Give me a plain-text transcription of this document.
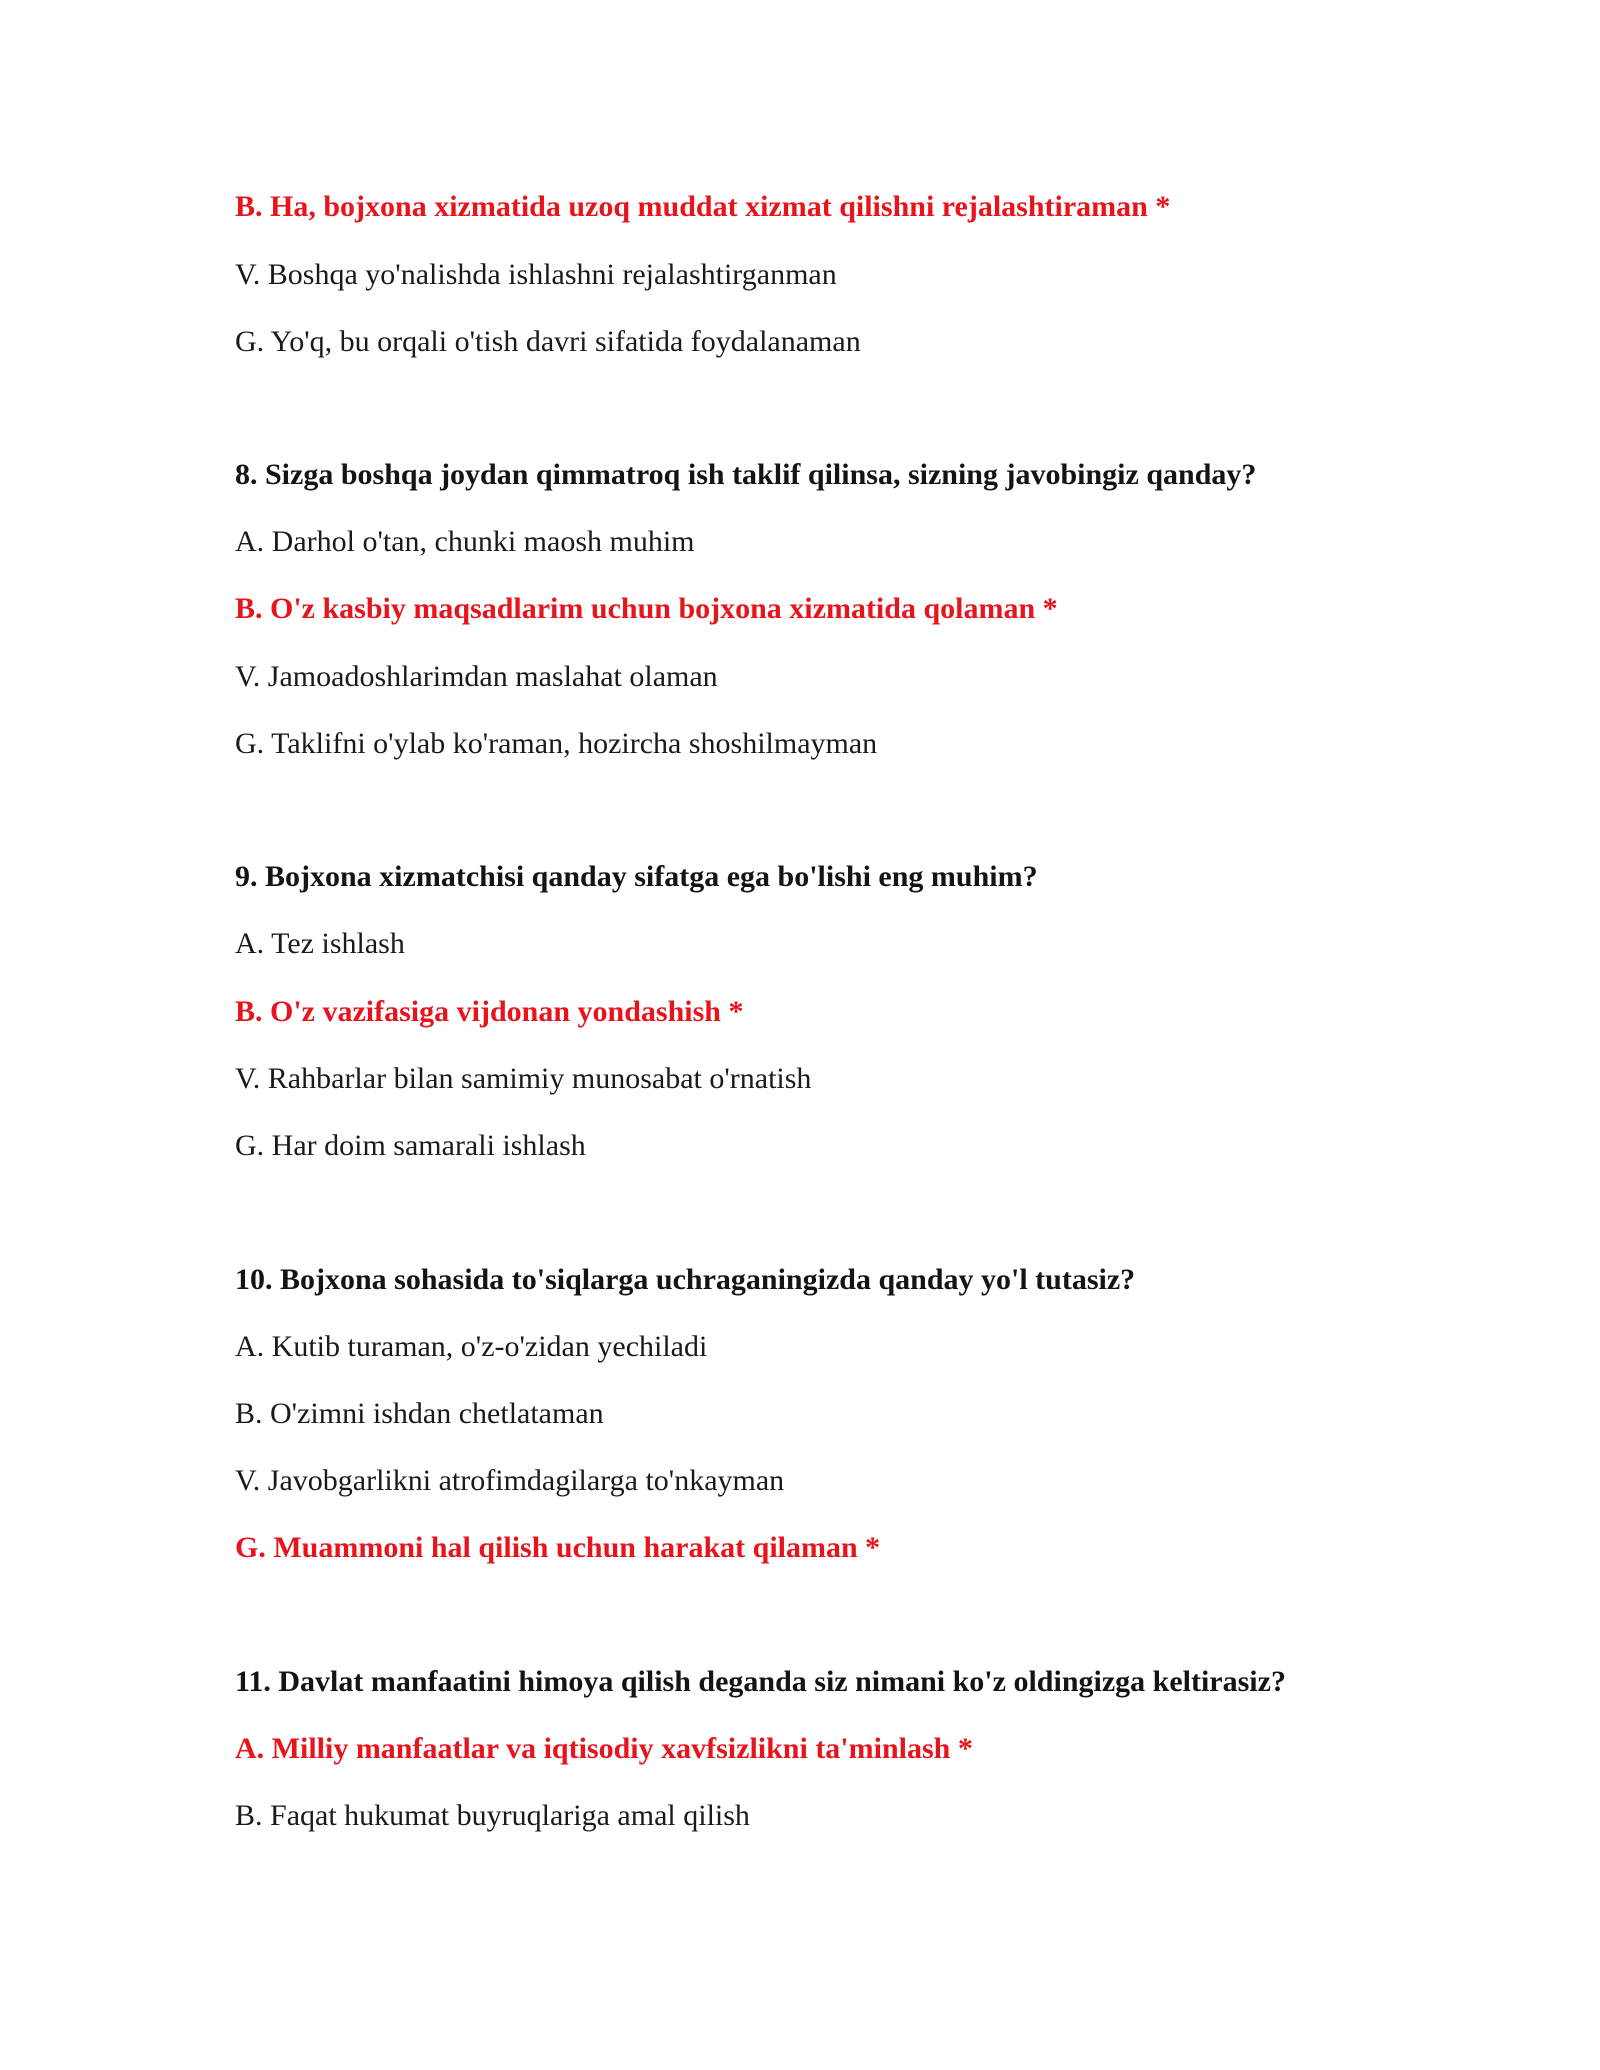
B. Ha, bojxona xizmatida uzoq muddat xizmat qilishni rejalashtiraman *
V. Boshqa yo'nalishda ishlashni rejalashtirganman
G. Yo'q, bu orqali o'tish davri sifatida foydalanaman
8. Sizga boshqa joydan qimmatroq ish taklif qilinsa, sizning javobingiz qanday?
A. Darhol o'tan, chunki maosh muhim
B. O'z kasbiy maqsadlarim uchun bojxona xizmatida qolaman *
V. Jamoadoshlarimdan maslahat olaman
G. Taklifni o'ylab ko'raman, hozircha shoshilmayman
9. Bojxona xizmatchisi qanday sifatga ega bo'lishi eng muhim?
A. Tez ishlash
B. O'z vazifasiga vijdonan yondashish *
V. Rahbarlar bilan samimiy munosabat o'rnatish
G. Har doim samarali ishlash
10. Bojxona sohasida to'siqlarga uchraganingizda qanday yo'l tutasiz?
A. Kutib turaman, o'z-o'zidan yechiladi
B. O'zimni ishdan chetlataman
V. Javobgarlikni atrofimdagilarga to'nkayman
G. Muammoni hal qilish uchun harakat qilaman *
11. Davlat manfaatini himoya qilish deganda siz nimani ko'z oldingizga keltirasiz?
A. Milliy manfaatlar va iqtisodiy xavfsizlikni ta'minlash *
B. Faqat hukumat buyruqlariga amal qilish
